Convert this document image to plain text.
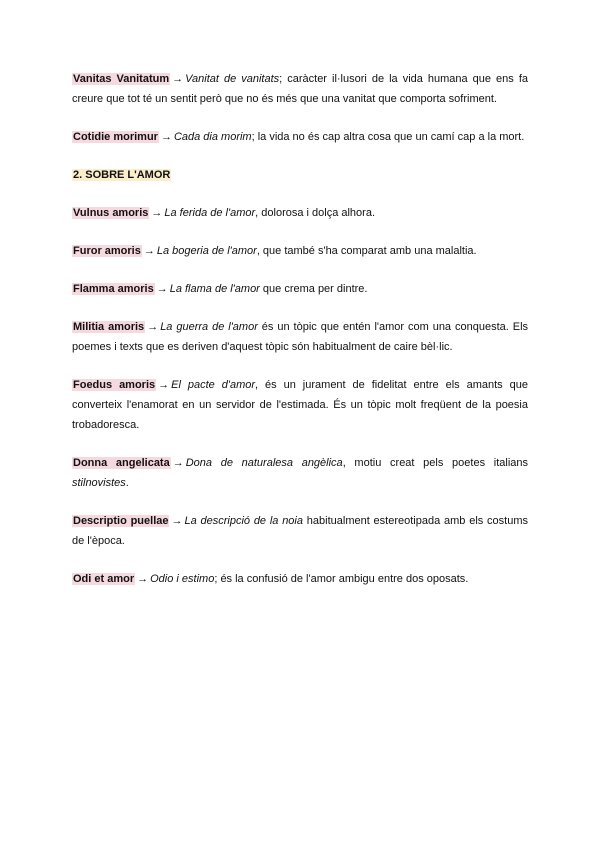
Vanitas Vanitatum → Vanitat de vanitats; caràcter il·lusori de la vida humana que ens fa creure que tot té un sentit però que no és més que una vanitat que comporta sofriment.

Cotidie morimur → Cada dia morim; la vida no és cap altra cosa que un camí cap a la mort.

2. SOBRE L'AMOR

Vulnus amoris → La ferida de l'amor, dolorosa i dolça alhora.

Furor amoris → La bogeria de l'amor, que també s'ha comparat amb una malaltia.

Flamma amoris → La flama de l'amor que crema per dintre.

Militia amoris → La guerra de l'amor és un tòpic que entén l'amor com una conquesta. Els poemes i texts que es deriven d'aquest tòpic són habitualment de caire bèl·lic.

Foedus amoris → El pacte d'amor, és un jurament de fidelitat entre els amants que converteix l'enamorat en un servidor de l'estimada. És un tòpic molt freqüent de la poesia trobadoresca.

Donna angelicata → Dona de naturalesa angèlica, motiu creat pels poetes italians stilnovistes.

Descriptio puellae → La descripció de la noia habitualment estereotipada amb els costums de l'època.

Odi et amor → Odio i estimo; és la confusió de l'amor ambigu entre dos oposats.
